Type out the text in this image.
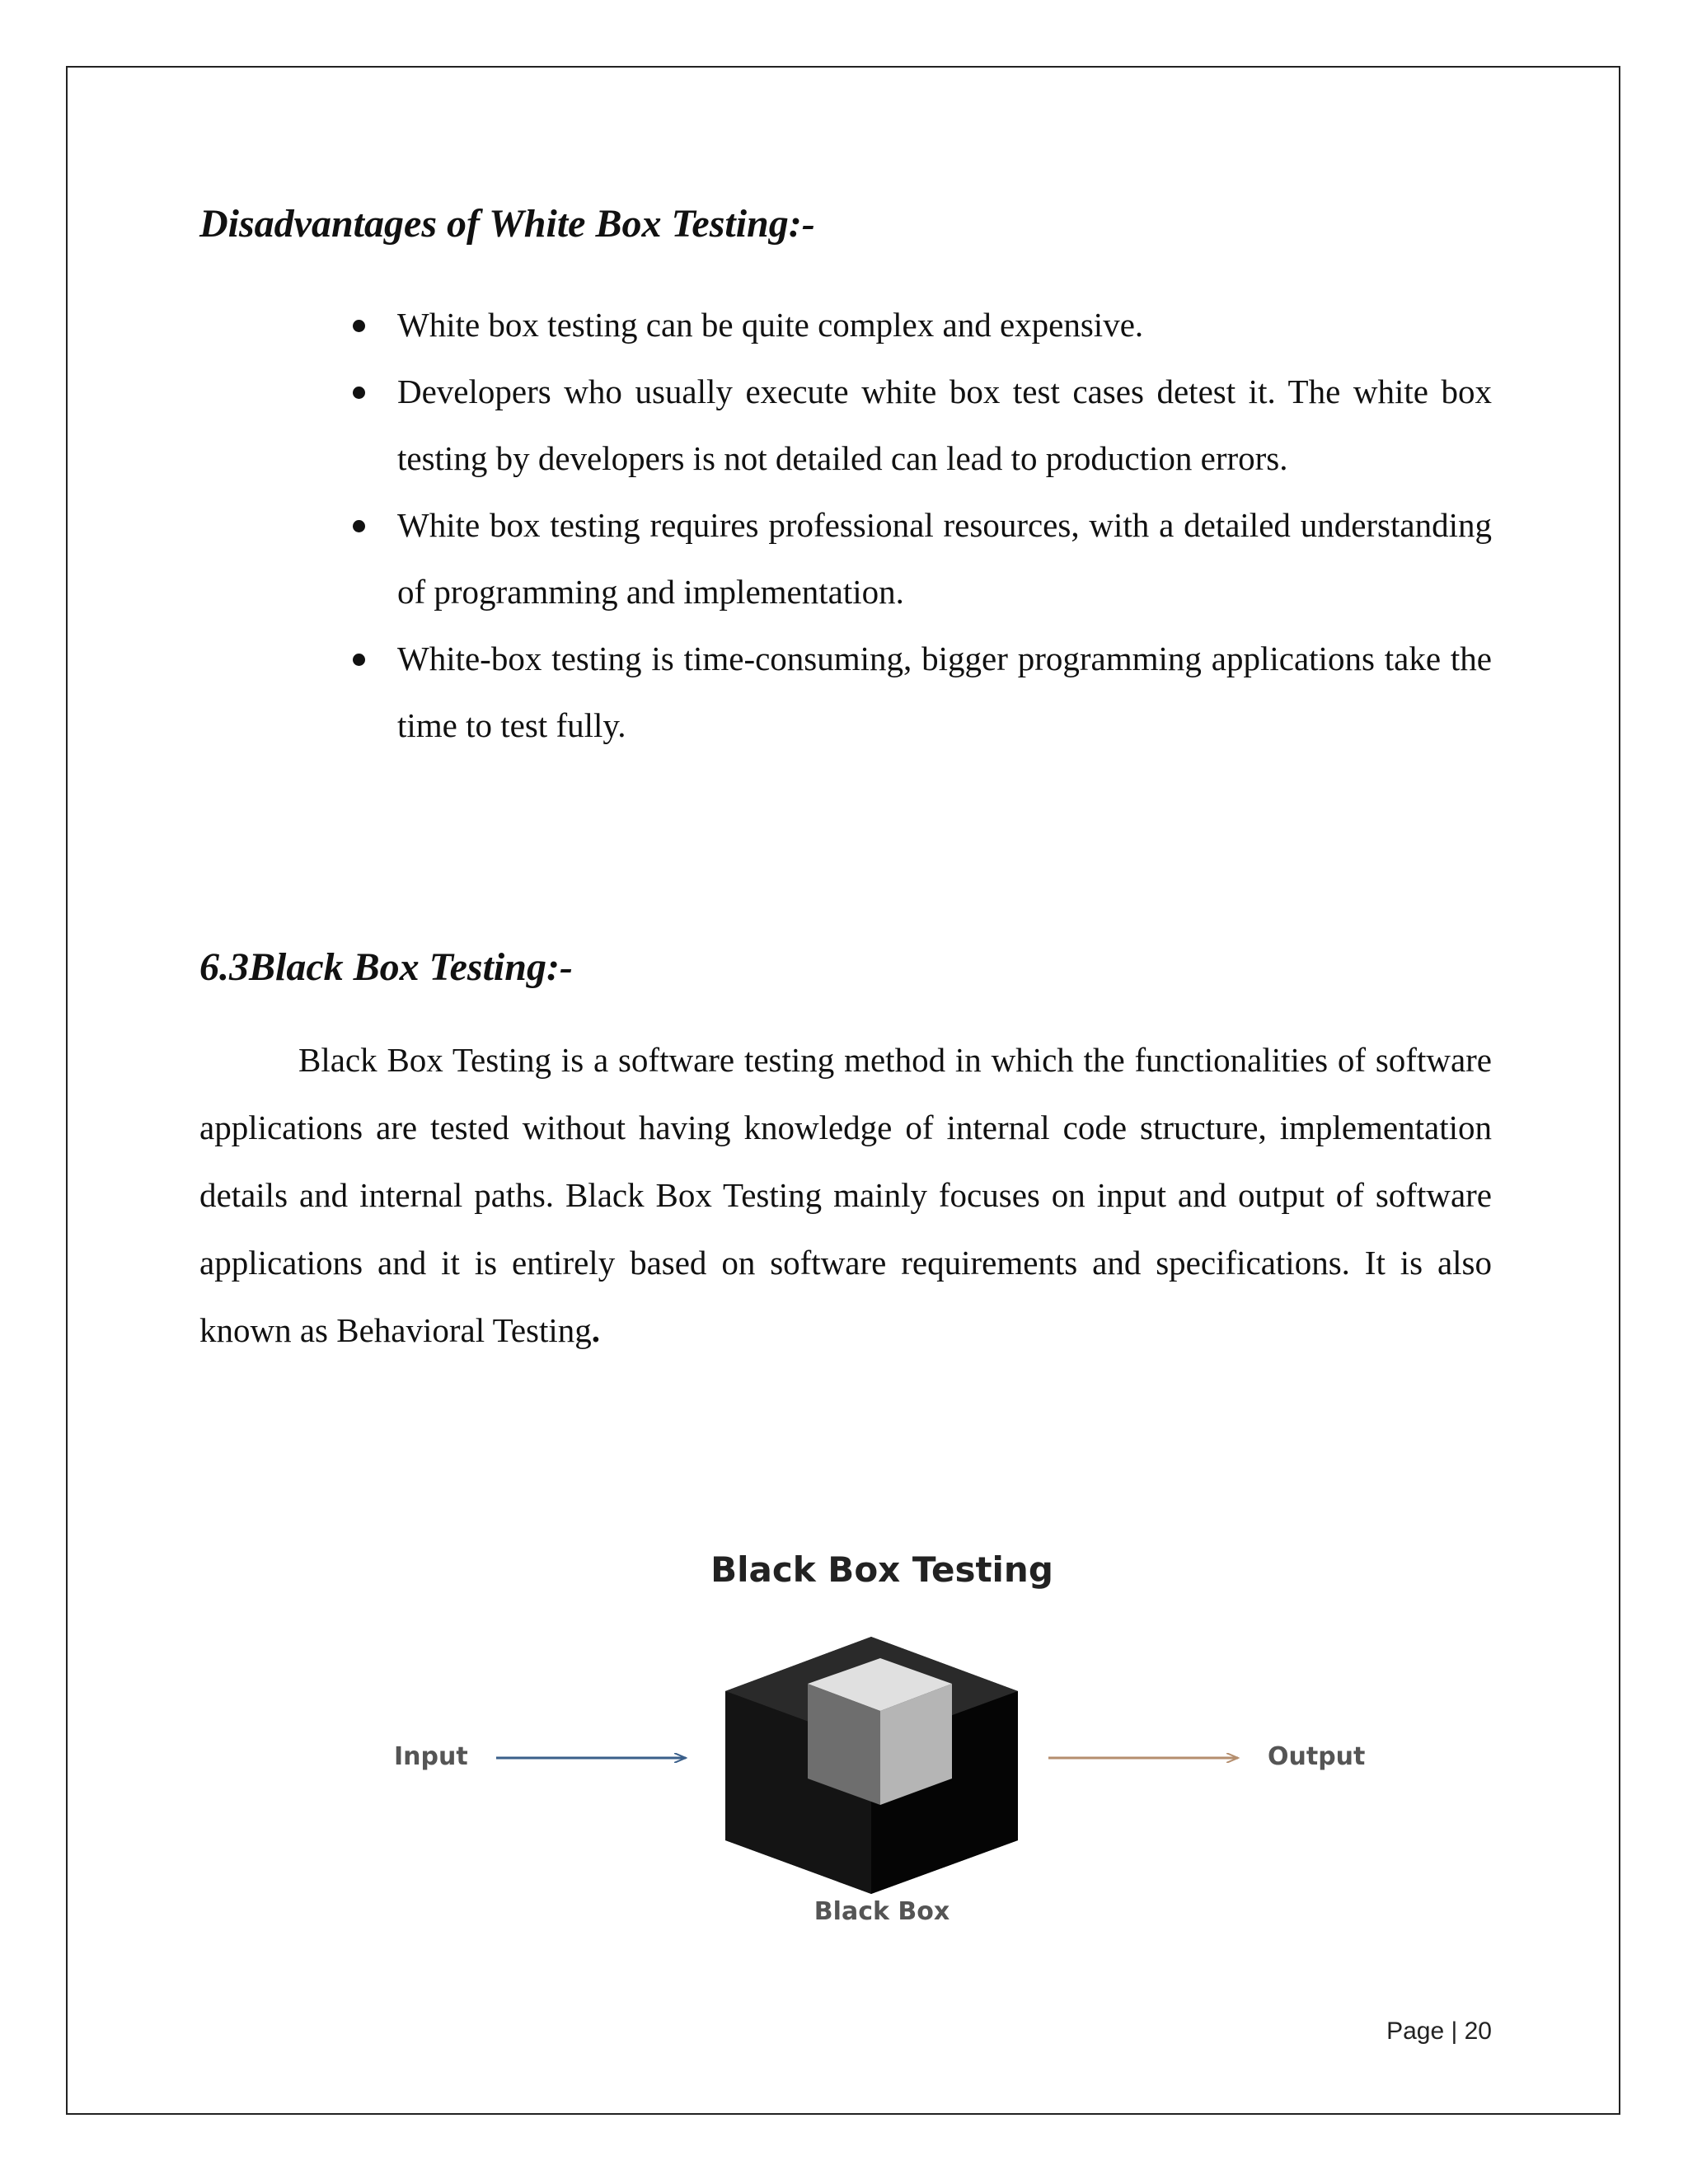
Disadvantages of White Box Testing:-
White box testing can be quite complex and expensive.
Developers who usually execute white box test cases detest it. The white box testing by developers is not detailed can lead to production errors.
White box testing requires professional resources, with a detailed understanding of programming and implementation.
White-box testing is time-consuming, bigger programming applications take the time to test fully.
6.3Black Box Testing:-

Black Box Testing is a software testing method in which the functionalities of software applications are tested without having knowledge of internal code structure, implementation details and internal paths. Black Box Testing mainly focuses on input and output of software applications and it is entirely based on software requirements and specifications. It is also known as Behavioral Testing.

Black Box Testing
Input	Output
Black Box
Page | 20
